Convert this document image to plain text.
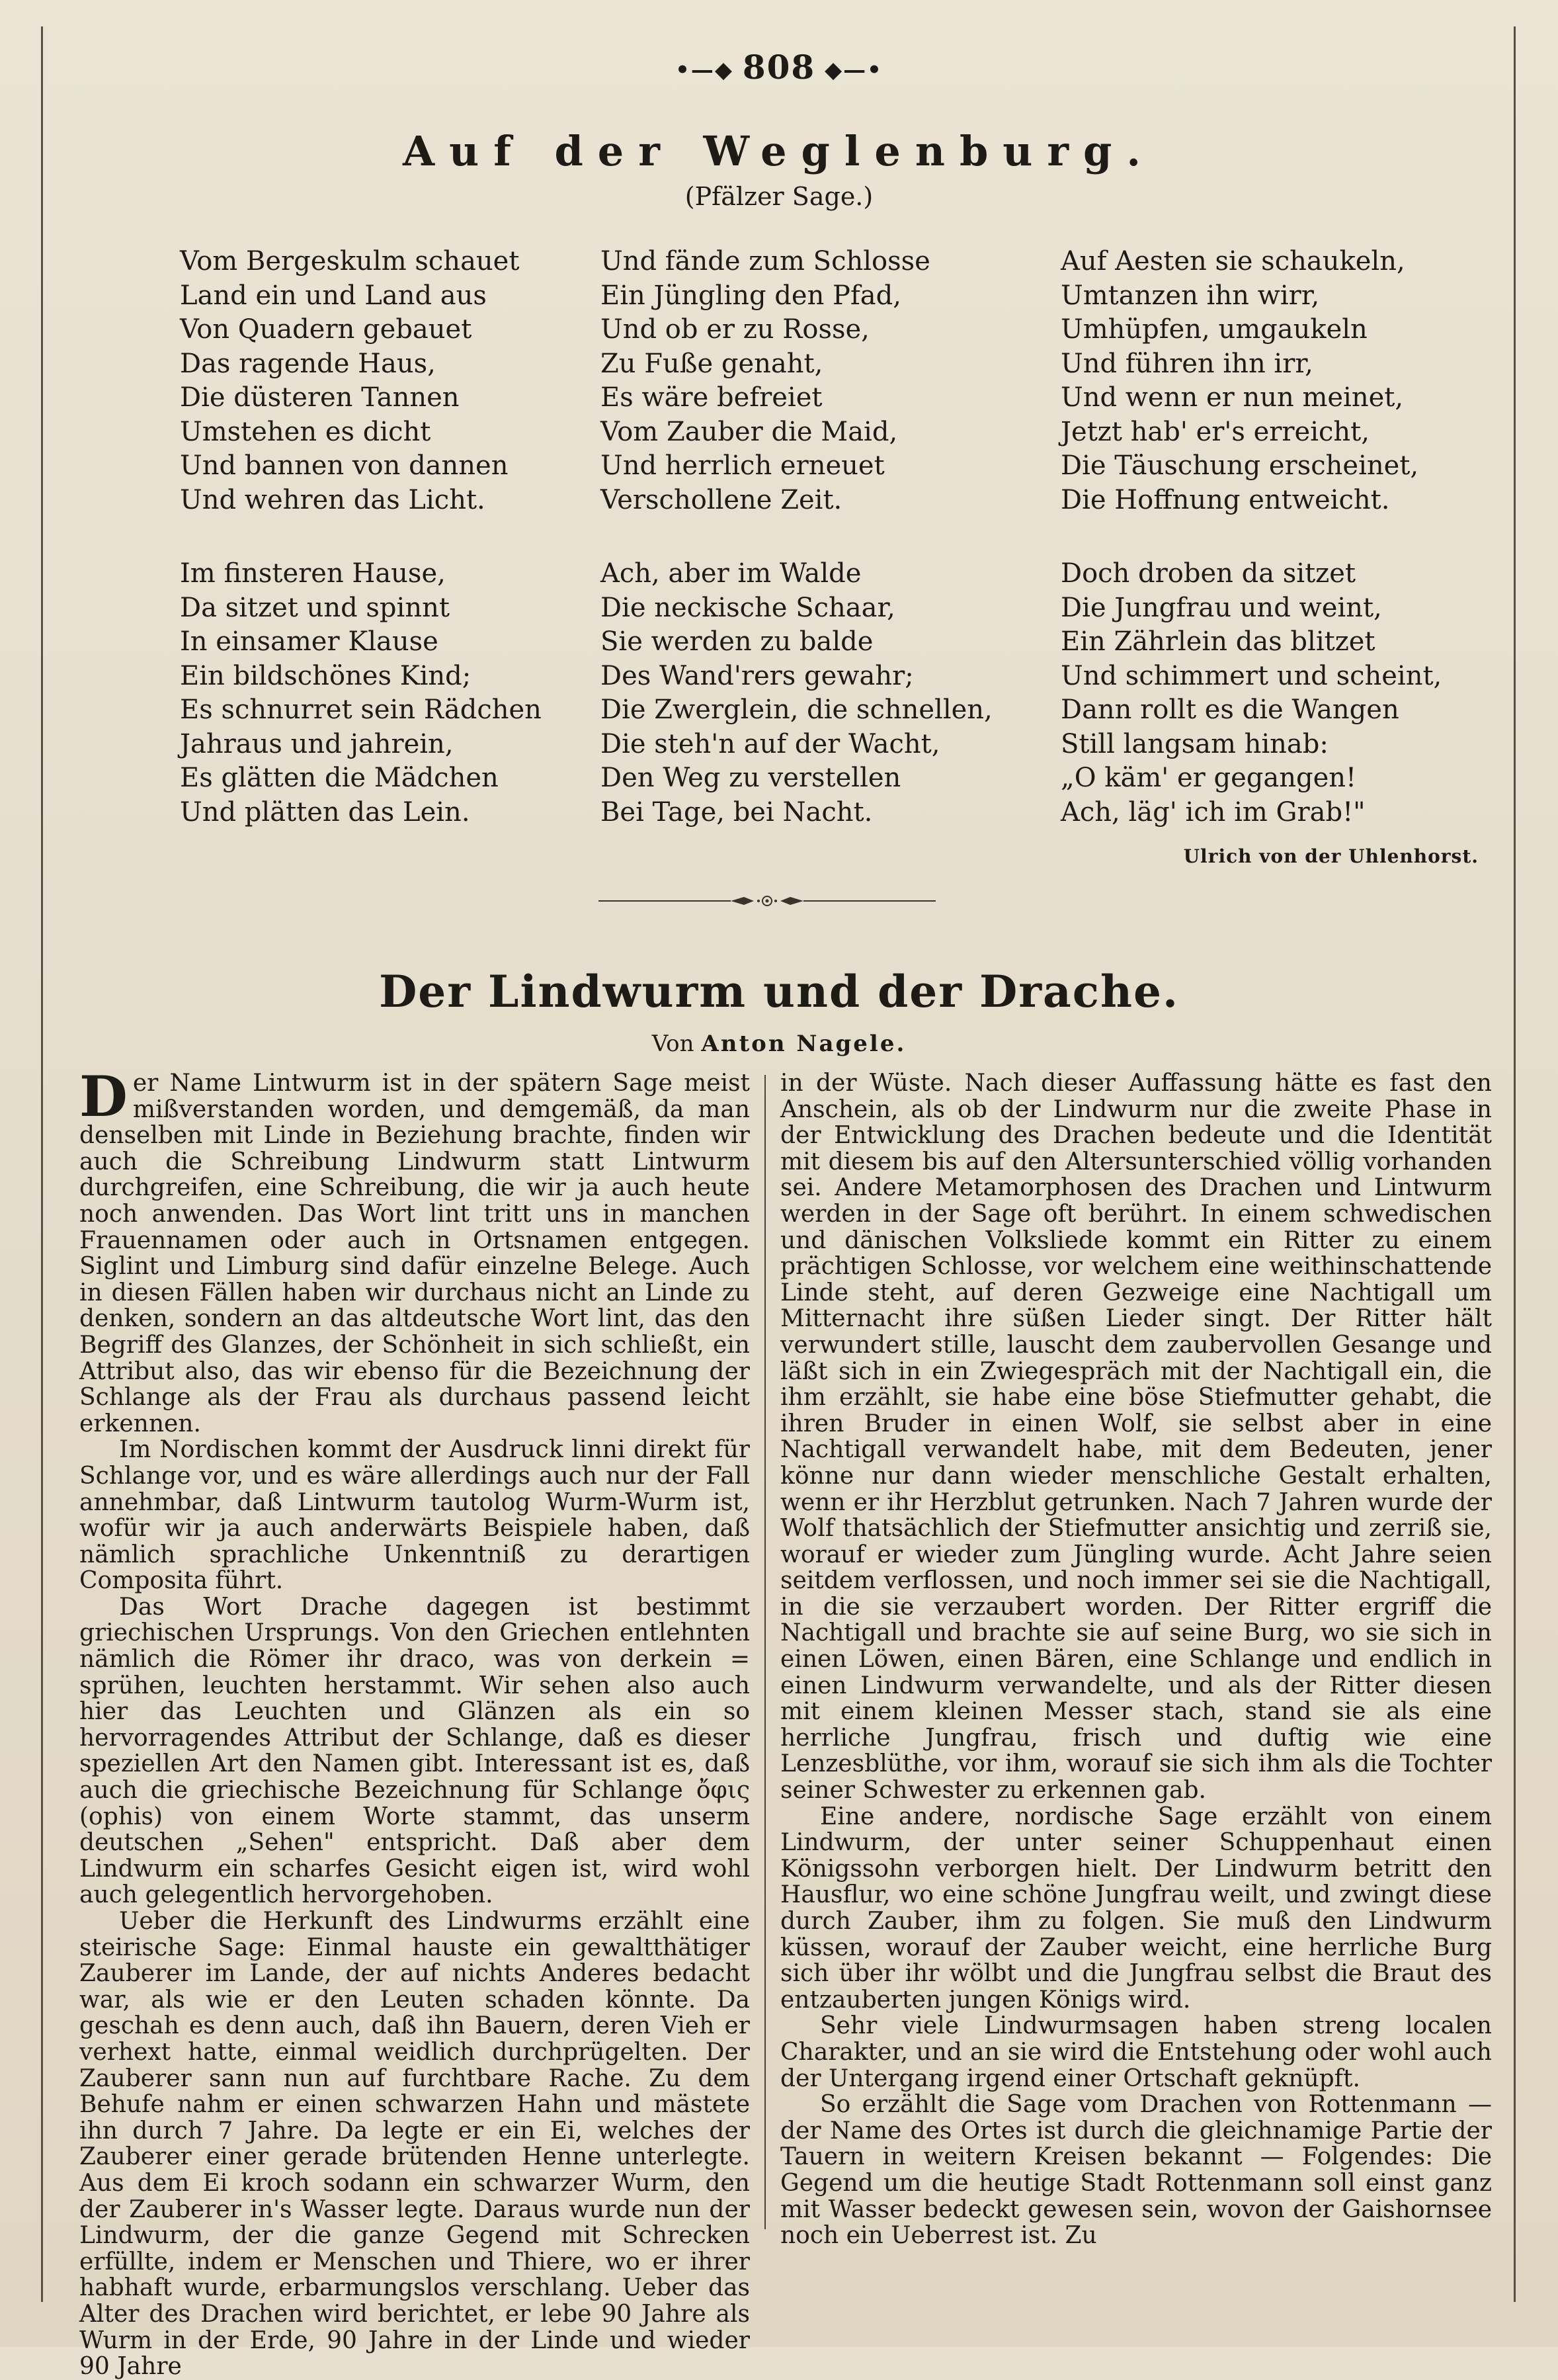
•—◆ 808 ◆—•
Auf der Weglenburg.
(Pfälzer Sage.)
Vom Bergeskulm schauet
Land ein und Land aus
Von Quadern gebauet
Das ragende Haus,
Die düsteren Tannen
Umstehen es dicht
Und bannen von dannen
Und wehren das Licht.
Und fände zum Schlosse
Ein Jüngling den Pfad,
Und ob er zu Rosse,
Zu Fuße genaht,
Es wäre befreiet
Vom Zauber die Maid,
Und herrlich erneuet
Verschollene Zeit.
Auf Aesten sie schaukeln,
Umtanzen ihn wirr,
Umhüpfen, umgaukeln
Und führen ihn irr,
Und wenn er nun meinet,
Jetzt hab' er's erreicht,
Die Täuschung erscheinet,
Die Hoffnung entweicht.
Im finsteren Hause,
Da sitzet und spinnt
In einsamer Klause
Ein bildschönes Kind;
Es schnurret sein Rädchen
Jahraus und jahrein,
Es glätten die Mädchen
Und plätten das Lein.
Ach, aber im Walde
Die neckische Schaar,
Sie werden zu balde
Des Wand'rers gewahr;
Die Zwerglein, die schnellen,
Die steh'n auf der Wacht,
Den Weg zu verstellen
Bei Tage, bei Nacht.
Doch droben da sitzet
Die Jungfrau und weint,
Ein Zährlein das blitzet
Und schimmert und scheint,
Dann rollt es die Wangen
Still langsam hinab:
„O käm' er gegangen!
Ach, läg' ich im Grab!"
Ulrich von der Uhlenhorst.
Der Lindwurm und der Drache.
Von Anton Nagele.

Der Name Lintwurm ist in der spätern Sage meist mißverstanden worden, und demgemäß, da man denselben mit Linde in Beziehung brachte, finden wir auch die Schreibung Lindwurm statt Lintwurm durchgreifen, eine Schreibung, die wir ja auch heute noch anwenden. Das Wort lint tritt uns in manchen Frauennamen oder auch in Ortsnamen entgegen. Siglint und Limburg sind dafür einzelne Belege. Auch in diesen Fällen haben wir durchaus nicht an Linde zu denken, sondern an das altdeutsche Wort lint, das den Begriff des Glanzes, der Schönheit in sich schließt, ein Attribut also, das wir ebenso für die Bezeichnung der Schlange als der Frau als durchaus passend leicht erkennen.

Im Nordischen kommt der Ausdruck linni direkt für Schlange vor, und es wäre allerdings auch nur der Fall annehmbar, daß Lintwurm tautolog Wurm-Wurm ist, wofür wir ja auch anderwärts Beispiele haben, daß nämlich sprachliche Unkenntniß zu derartigen Composita führt.

Das Wort Drache dagegen ist bestimmt griechischen Ursprungs. Von den Griechen entlehnten nämlich die Römer ihr draco, was von derkein = sprühen, leuchten herstammt. Wir sehen also auch hier das Leuchten und Glänzen als ein so hervorragendes Attribut der Schlange, daß es dieser speziellen Art den Namen gibt. Interessant ist es, daß auch die griechische Bezeichnung für Schlange ὄφις (ophis) von einem Worte stammt, das unserm deutschen „Sehen" entspricht. Daß aber dem Lindwurm ein scharfes Gesicht eigen ist, wird wohl auch gelegentlich hervorgehoben.

Ueber die Herkunft des Lindwurms erzählt eine steirische Sage: Einmal hauste ein gewaltthätiger Zauberer im Lande, der auf nichts Anderes bedacht war, als wie er den Leuten schaden könnte. Da geschah es denn auch, daß ihn Bauern, deren Vieh er verhext hatte, einmal weidlich durchprügelten. Der Zauberer sann nun auf furchtbare Rache. Zu dem Behufe nahm er einen schwarzen Hahn und mästete ihn durch 7 Jahre. Da legte er ein Ei, welches der Zauberer einer gerade brütenden Henne unterlegte. Aus dem Ei kroch sodann ein schwarzer Wurm, den der Zauberer in's Wasser legte. Daraus wurde nun der Lindwurm, der die ganze Gegend mit Schrecken erfüllte, indem er Menschen und Thiere, wo er ihrer habhaft wurde, erbarmungslos verschlang. Ueber das Alter des Drachen wird berichtet, er lebe 90 Jahre als Wurm in der Erde, 90 Jahre in der Linde und wieder 90 Jahre

in der Wüste. Nach dieser Auffassung hätte es fast den Anschein, als ob der Lindwurm nur die zweite Phase in der Entwicklung des Drachen bedeute und die Identität mit diesem bis auf den Altersunterschied völlig vorhanden sei. Andere Metamorphosen des Drachen und Lintwurm werden in der Sage oft berührt. In einem schwedischen und dänischen Volksliede kommt ein Ritter zu einem prächtigen Schlosse, vor welchem eine weithinschattende Linde steht, auf deren Gezweige eine Nachtigall um Mitternacht ihre süßen Lieder singt. Der Ritter hält verwundert stille, lauscht dem zaubervollen Gesange und läßt sich in ein Zwiegespräch mit der Nachtigall ein, die ihm erzählt, sie habe eine böse Stiefmutter gehabt, die ihren Bruder in einen Wolf, sie selbst aber in eine Nachtigall verwandelt habe, mit dem Bedeuten, jener könne nur dann wieder menschliche Gestalt erhalten, wenn er ihr Herzblut getrunken. Nach 7 Jahren wurde der Wolf thatsächlich der Stiefmutter ansichtig und zerriß sie, worauf er wieder zum Jüngling wurde. Acht Jahre seien seitdem verflossen, und noch immer sei sie die Nachtigall, in die sie verzaubert worden. Der Ritter ergriff die Nachtigall und brachte sie auf seine Burg, wo sie sich in einen Löwen, einen Bären, eine Schlange und endlich in einen Lindwurm verwandelte, und als der Ritter diesen mit einem kleinen Messer stach, stand sie als eine herrliche Jungfrau, frisch und duftig wie eine Lenzesblüthe, vor ihm, worauf sie sich ihm als die Tochter seiner Schwester zu erkennen gab.

Eine andere, nordische Sage erzählt von einem Lindwurm, der unter seiner Schuppenhaut einen Königssohn verborgen hielt. Der Lindwurm betritt den Hausflur, wo eine schöne Jungfrau weilt, und zwingt diese durch Zauber, ihm zu folgen. Sie muß den Lindwurm küssen, worauf der Zauber weicht, eine herrliche Burg sich über ihr wölbt und die Jungfrau selbst die Braut des entzauberten jungen Königs wird.

Sehr viele Lindwurmsagen haben streng localen Charakter, und an sie wird die Entstehung oder wohl auch der Untergang irgend einer Ortschaft geknüpft.

So erzählt die Sage vom Drachen von Rottenmann — der Name des Ortes ist durch die gleichnamige Partie der Tauern in weitern Kreisen bekannt — Folgendes: Die Gegend um die heutige Stadt Rottenmann soll einst ganz mit Wasser bedeckt gewesen sein, wovon der Gaishornsee noch ein Ueberrest ist. Zu
